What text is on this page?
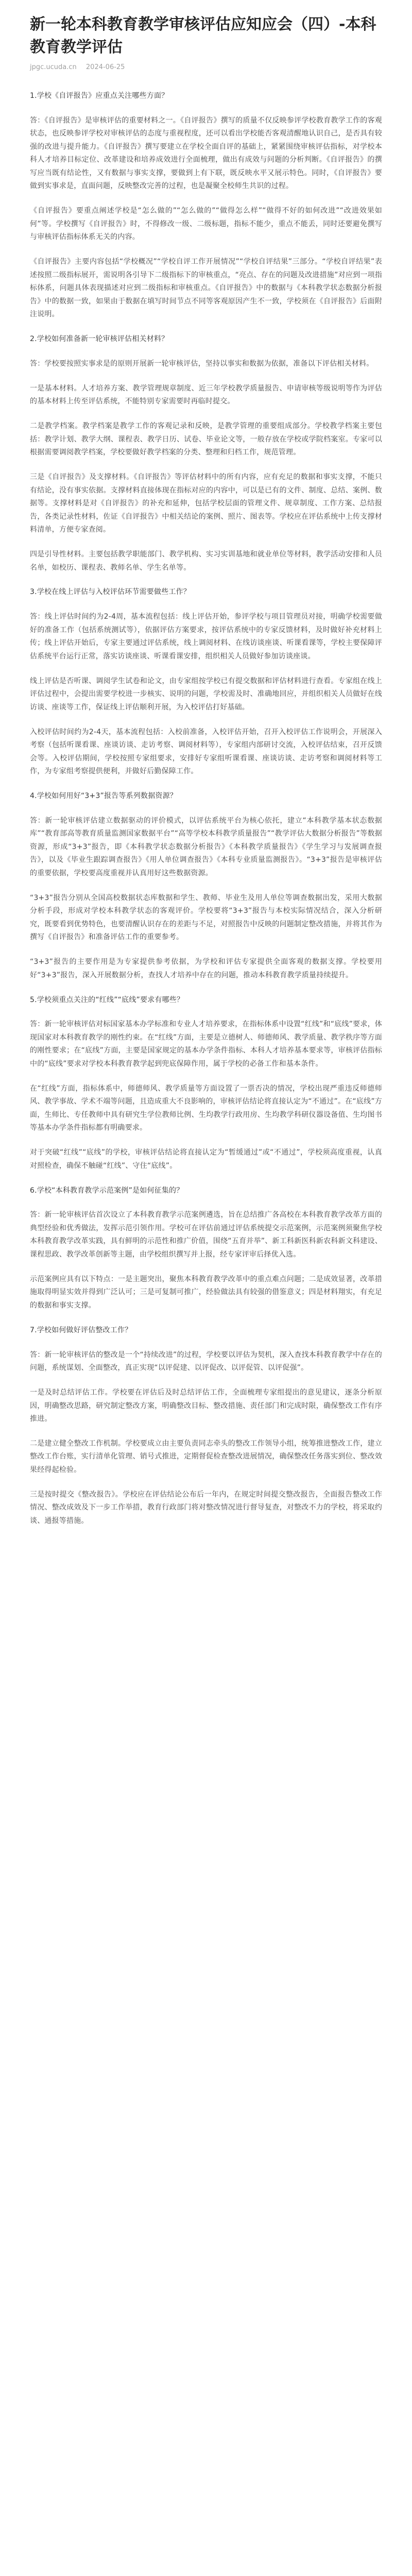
新一轮本科教育教学审核评估应知应会（四）-本科教育教学评估
jpgc.ucuda.cn 2024-06-25

1.学校《自评报告》应重点关注哪些方面？

答：《自评报告》是审核评估的重要材料之一。《自评报告》撰写的质量不仅反映参评学校教育教学工作的客观状态，也反映参评学校对审核评估的态度与重视程度，还可以看出学校能否客观清醒地认识自己，是否具有较强的改进与提升能力。《自评报告》撰写要建立在学校全面自评的基础上，紧紧围绕审核评估指标，对学校本科人才培养目标定位、改革建设和培养成效进行全面梳理，做出有成效与问题的分析判断。《自评报告》的撰写应当既有结论性，又有数据与事实支撑，要做到上有下联，既反映水平又展示特色。同时，《自评报告》要做到实事求是，直面问题，反映整改完善的过程，也是凝聚全校师生共识的过程。

《自评报告》要重点阐述学校是“怎么做的”“怎么做的”“做得怎么样”“做得不好的如何改进”“改进效果如何”等。学校撰写《自评报告》时，不得修改一级、二级标题，指标不能少，重点不能丢，同时还要避免撰写与审核评估指标体系无关的内容。

《自评报告》主要内容包括“学校概况”“学校自评工作开展情况”“学校自评结果”三部分。“学校自评结果”表述按照二级指标展开，需说明各引导下二级指标下的审核重点，“亮点、存在的问题及改进措施”对应到一项指标体系，问题具体表现描述对应到二级指标和审核重点。《自评报告》中的数据与《本科教学状态数据分析报告》中的数据一致，如果由于数据在填写时间节点不同等客观原因产生不一致，学校须在《自评报告》后面附注说明。

2.学校如何准备新一轮审核评估相关材料？

答：学校要按照实事求是的原则开展新一轮审核评估，坚持以事实和数据为依据，准备以下评估相关材料。

一是基本材料。人才培养方案、教学管理规章制度、近三年学校教学质量报告、申请审核等级说明等作为评估的基本材料上传至评估系统，不能特别专家需要时再临时提交。

二是教学档案。教学档案是教学工作的客观记录和反映，是教学管理的重要组成部分。学校教学档案主要包括：教学计划、教学大纲、课程表、教学日历、试卷、毕业论文等，一般存放在学校或学院档案室。专家可以根据需要调阅教学档案，学校要做好教学档案的分类、整理和归档工作，规范管理。

三是《自评报告》及支撑材料。《自评报告》等评估材料中的所有内容，应有充足的数据和事实支撑，不能只有结论，没有事实依据。支撑材料直接体现在指标对应的内容中，可以是已有的文件、制度、总结、案例、数据等。支撑材料是对《自评报告》的补充和延伸，包括学校层面的管理文件、规章制度、工作方案、总结报告，各类记录性材料，佐证《自评报告》中相关结论的案例、照片、图表等。学校应在评估系统中上传支撑材料清单，方便专家查阅。

四是引导性材料。主要包括教学职能部门、教学机构、实习实训基地和就业单位等材料，教学活动安排和人员名单，如校历、课程表、教师名单、学生名单等。

3.学校在线上评估与入校评估环节需要做些工作？

答：线上评估时间约为2-4周，基本流程包括：线上评估开始，参评学校与项目管理员对接，明确学校需要做好的准备工作（包括系统测试等），依据评估方案要求，按评估系统中的专家反馈材料，及时做好补充材料上传；线上评估开始后，专家主要通过评估系统，线上调阅材料、在线访谈座谈、听课看课等，学校主要保障评估系统平台运行正常，落实访谈座谈、听课看课安排，组织相关人员做好参加访谈座谈。

线上评估是否听课、调阅学生试卷和论文，由专家组按学校已有提交数据和评估材料进行查看。专家组在线上评估过程中，会提出需要学校进一步核实、说明的问题，学校需及时、准确地回应，并组织相关人员做好在线访谈、座谈等工作，保证线上评估顺利开展，为入校评估打好基础。

入校评估时间约为2-4天，基本流程包括：入校前准备，入校评估开始，召开入校评估工作说明会，开展深入考察（包括听课看课、座谈访谈、走访考察、调阅材料等），专家组内部研讨交流，入校评估结束，召开反馈会等。入校评估期间，学校按照专家组要求，安排好专家组听课看课、座谈访谈、走访考察和调阅材料等工作，为专家组考察提供便利，并做好后勤保障工作。

4.学校如何用好“3+3”报告等系列数据资源？

答：新一轮审核评估建立数据驱动的评价模式，以评估系统平台为核心依托，建立“本科教学基本状态数据库”“教育部高等教育质量监测国家数据平台”“高等学校本科教学质量报告”“教学评估大数据分析报告”等数据资源，形成“3+3”报告，即《本科教学状态数据分析报告》《本科教学质量报告》《学生学习与发展调查报告》，以及《毕业生跟踪调查报告》《用人单位调查报告》《本科专业质量监测报告》。“3+3”报告是审核评估的重要依据，学校要高度重视并认真用好这些数据资源。

“3+3”报告分别从全国高校数据状态库数据和学生、教师、毕业生及用人单位等调查数据出发，采用大数据分析手段，形成对学校本科教学状态的客观评价。学校要将“3+3”报告与本校实际情况结合，深入分析研究，既要看到优势特色，也要清醒认识存在的差距与不足，对照报告中反映的问题制定整改措施，并将其作为撰写《自评报告》和准备评估工作的重要参考。

“3+3”报告的主要作用是为专家提供参考依据，为学校和评估专家提供全面客观的数据支撑。学校要用好“3+3”报告，深入开展数据分析，查找人才培养中存在的问题，推动本科教育教学质量持续提升。

5.学校须重点关注的“红线”“底线”要求有哪些？

答：新一轮审核评估对标国家基本办学标准和专业人才培养要求，在指标体系中设置“红线”和“底线”要求，体现国家对本科教育教学的刚性约束。在“红线”方面，主要是立德树人、师德师风、教学质量、教学秩序等方面的刚性要求；在“底线”方面，主要是国家规定的基本办学条件指标、本科人才培养基本要求等，审核评估指标中的“底线”要求对学校本科教育教学起到兜底保障作用，属于学校的必备工作和基本条件。

在“红线”方面，指标体系中，师德师风、教学质量等方面设置了一票否决的情况，学校出现严重违反师德师风、教学事故、学术不端等问题，且造成重大不良影响的，审核评估结论将直接认定为“不通过”。在“底线”方面，生师比、专任教师中具有研究生学位教师比例、生均教学行政用房、生均教学科研仪器设备值、生均图书等基本办学条件指标都有明确要求。

对于突破“红线”“底线”的学校，审核评估结论将直接认定为“暂缓通过”或“不通过”，学校须高度重视，认真对照检查，确保不触碰“红线”、守住“底线”。

6.学校“本科教育教学示范案例”是如何征集的？

答：新一轮审核评估首次设立了本科教育教学示范案例遴选，旨在总结推广各高校在本科教育教学改革方面的典型经验和优秀做法，发挥示范引领作用。学校可在评估前通过评估系统提交示范案例，示范案例须聚焦学校本科教育教学改革实践，具有鲜明的示范性和推广价值，围绕“五育并举”、新工科新医科新农科新文科建设、课程思政、教学改革创新等主题，由学校组织撰写并上报，经专家评审后择优入选。

示范案例应具有以下特点：一是主题突出，聚焦本科教育教学改革中的重点难点问题；二是成效显著，改革措施取得明显实效并得到广泛认可；三是可复制可推广，经验做法具有较强的借鉴意义；四是材料翔实，有充足的数据和事实支撑。

7.学校如何做好评估整改工作？

答：新一轮审核评估的整改是一个“持续改进”的过程，学校要以评估为契机，深入查找本科教育教学中存在的问题，系统谋划、全面整改，真正实现“以评促建、以评促改、以评促管、以评促强”。

一是及时总结评估工作。学校要在评估后及时总结评估工作，全面梳理专家组提出的意见建议，逐条分析原因，明确整改思路，研究制定整改方案，明确整改目标、整改措施、责任部门和完成时限，确保整改工作有序推进。

二是建立健全整改工作机制。学校要成立由主要负责同志牵头的整改工作领导小组，统筹推进整改工作，建立整改工作台账，实行清单化管理、销号式推进，定期督促检查整改进展情况，确保整改任务落实到位、整改效果经得起检验。

三是按时提交《整改报告》。学校应在评估结论公布后一年内，在规定时间提交整改报告，全面报告整改工作情况、整改成效及下一步工作举措，教育行政部门将对整改情况进行督导复查，对整改不力的学校，将采取约谈、通报等措施。
